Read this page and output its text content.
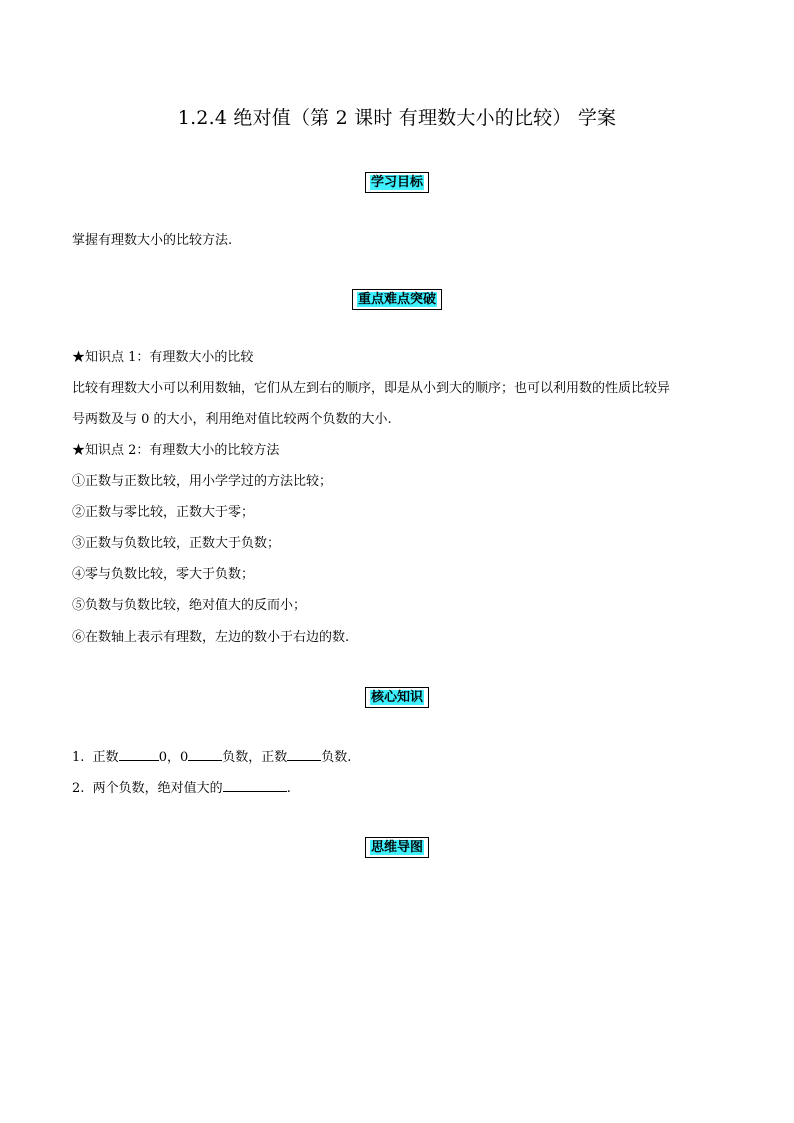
1.2.4 绝对值（第 2 课时 有理数大小的比较） 学案
学习目标
掌握有理数大小的比较方法.
重点难点突破
★知识点 1：有理数大小的比较
比较有理数大小可以利用数轴，它们从左到右的顺序，即是从小到大的顺序；也可以利用数的性质比较异
号两数及与 0 的大小，利用绝对值比较两个负数的大小.
★知识点 2：有理数大小的比较方法
①正数与正数比较，用小学学过的方法比较；
②正数与零比较，正数大于零；
③正数与负数比较，正数大于负数；
④零与负数比较，零大于负数；
⑤负数与负数比较，绝对值大的反而小；
⑥在数轴上表示有理数，左边的数小于右边的数.
核心知识
1. 正数	0，0	负数，正数	负数.
2. 两个负数，绝对值大的	.
思维导图
